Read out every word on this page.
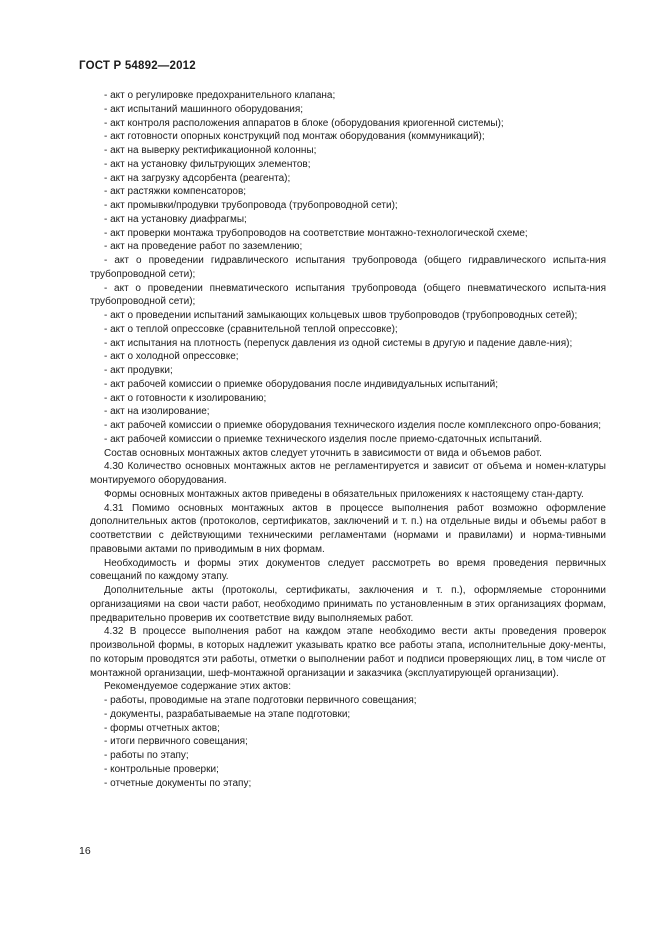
ГОСТ Р 54892—2012

- акт о регулировке предохранительного клапана;

- акт испытаний машинного оборудования;

- акт контроля расположения аппаратов в блоке (оборудования криогенной системы);

- акт готовности опорных конструкций под монтаж оборудования (коммуникаций);

- акт на выверку ректификационной колонны;

- акт на установку фильтрующих элементов;

- акт на загрузку адсорбента (реагента);

- акт растяжки компенсаторов;

- акт промывки/продувки трубопровода (трубопроводной сети);

- акт на установку диафрагмы;

- акт проверки монтажа трубопроводов на соответствие монтажно-технологической схеме;

- акт на проведение работ по заземлению;

- акт о проведении гидравлического испытания трубопровода (общего гидравлического испыта-ния трубопроводной сети);

- акт о проведении пневматического испытания трубопровода (общего пневматического испыта-ния трубопроводной сети);

- акт о проведении испытаний замыкающих кольцевых швов трубопроводов (трубопроводных сетей);

- акт о теплой опрессовке (сравнительной теплой опрессовке);

- акт испытания на плотность (перепуск давления из одной системы в другую и падение давле-ния);

- акт о холодной опрессовке;

- акт продувки;

- акт рабочей комиссии о приемке оборудования после индивидуальных испытаний;

- акт о готовности к изолированию;

- акт на изолирование;

- акт рабочей комиссии о приемке оборудования технического изделия после комплексного опро-бования;

- акт рабочей комиссии о приемке технического изделия после приемо-сдаточных испытаний.

Состав основных монтажных актов следует уточнить в зависимости от вида и объемов работ.

4.30 Количество основных монтажных актов не регламентируется и зависит от объема и номен-клатуры монтируемого оборудования.

Формы основных монтажных актов приведены в обязательных приложениях к настоящему стан-дарту.

4.31 Помимо основных монтажных актов в процессе выполнения работ возможно оформление дополнительных актов (протоколов, сертификатов, заключений и т. п.) на отдельные виды и объемы работ в соответствии с действующими техническими регламентами (нормами и правилами) и норма-тивными правовыми актами по приводимым в них формам.

Необходимость и формы этих документов следует рассмотреть во время проведения первичных совещаний по каждому этапу.

Дополнительные акты (протоколы, сертификаты, заключения и т. п.), оформляемые сторонними организациями на свои части работ, необходимо принимать по установленным в этих организациях формам, предварительно проверив их соответствие виду выполняемых работ.

4.32 В процессе выполнения работ на каждом этапе необходимо вести акты проведения проверок произвольной формы, в которых надлежит указывать кратко все работы этапа, исполнительные доку-менты, по которым проводятся эти работы, отметки о выполнении работ и подписи проверяющих лиц, в том числе от монтажной организации, шеф-монтажной организации и заказчика (эксплуатирующей организации).

Рекомендуемое содержание этих актов:

- работы, проводимые на этапе подготовки первичного совещания;

- документы, разрабатываемые на этапе подготовки;

- формы отчетных актов;

- итоги первичного совещания;

- работы по этапу;

- контрольные проверки;

- отчетные документы по этапу;

16
